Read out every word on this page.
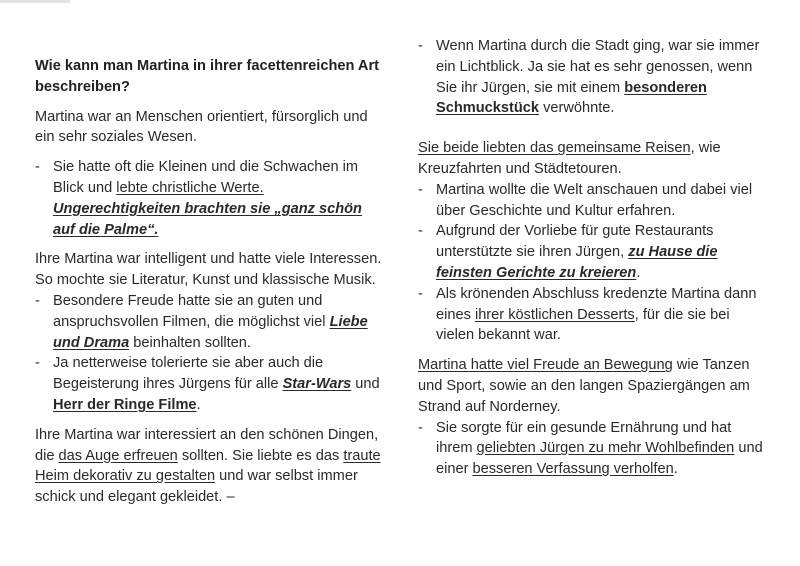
Wie kann man Martina in ihrer facettenreichen Art beschreiben?

Martina war an Menschen orientiert, fürsorglich und ein sehr soziales Wesen.

- Sie hatte oft die Kleinen und die Schwachen im Blick und lebte christliche Werte.
Ungerechtigkeiten brachten sie „ganz schön auf die Palme“.

Ihre Martina war intelligent und hatte viele Interessen. So mochte sie Literatur, Kunst und klassische Musik.

- Besondere Freude hatte sie an guten und anspruchsvollen Filmen, die möglichst viel Liebe und Drama beinhalten sollten.
- Ja netterweise tolerierte sie aber auch die Begeisterung ihres Jürgens für alle Star-Wars und Herr der Ringe Filme.

Ihre Martina war interessiert an den schönen Dingen, die das Auge erfreuen sollten. Sie liebte es das traute Heim dekorativ zu gestalten und war selbst immer schick und elegant gekleidet. –

- Wenn Martina durch die Stadt ging, war sie immer ein Lichtblick. Ja sie hat es sehr genossen, wenn Sie ihr Jürgen, sie mit einem besonderen Schmuckstück verwöhnte.

Sie beide liebten das gemeinsame Reisen, wie Kreuzfahrten und Städtetouren.

- Martina wollte die Welt anschauen und dabei viel über Geschichte und Kultur erfahren.
- Aufgrund der Vorliebe für gute Restaurants unterstützte sie ihren Jürgen, zu Hause die feinsten Gerichte zu kreieren.
- Als krönenden Abschluss kredenzte Martina dann eines ihrer köstlichen Desserts, für die sie bei vielen bekannt war.

Martina hatte viel Freude an Bewegung wie Tanzen und Sport, sowie an den langen Spaziergängen am Strand auf Norderney.

- Sie sorgte für ein gesunde Ernährung und hat ihrem geliebten Jürgen zu mehr Wohlbefinden und einer besseren Verfassung verholfen.
